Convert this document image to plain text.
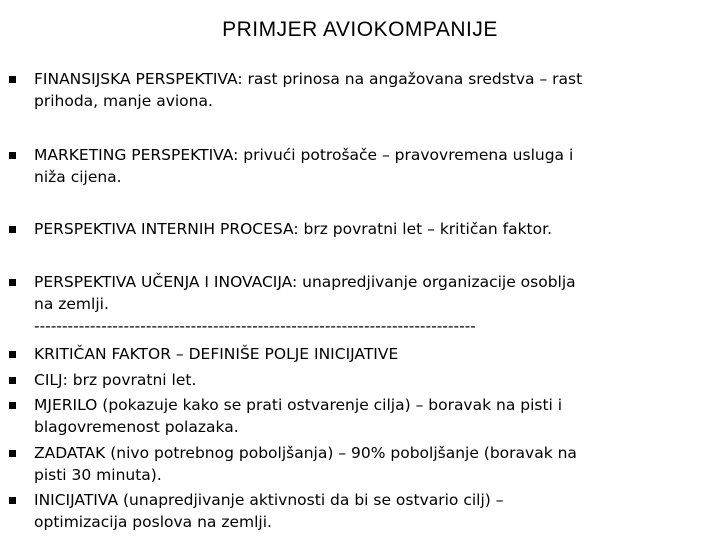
PRIMJER AVIOKOMPANIJE
FINANSIJSKA PERSPEKTIVA: rast prinosa na angažovana sredstva – rast
prihoda, manje aviona.
MARKETING PERSPEKTIVA: privući potrošače – pravovremena usluga i
niža cijena.
PERSPEKTIVA INTERNIH PROCESA: brz povratni let – kritičan faktor.
PERSPEKTIVA UČENJA I INOVACIJA: unapredjivanje organizacije osoblja
na zemlji.
-------------------------------------------------------------------------------
KRITIČAN FAKTOR – DEFINIŠE POLJE INICIJATIVE
CILJ: brz povratni let.
MJERILO (pokazuje kako se prati ostvarenje cilja) – boravak na pisti i
blagovremenost polazaka.
ZADATAK (nivo potrebnog poboljšanja) – 90% poboljšanje (boravak na
pisti 30 minuta).
INICIJATIVA (unapredjivanje aktivnosti da bi se ostvario cilj) –
optimizacija poslova na zemlji.
